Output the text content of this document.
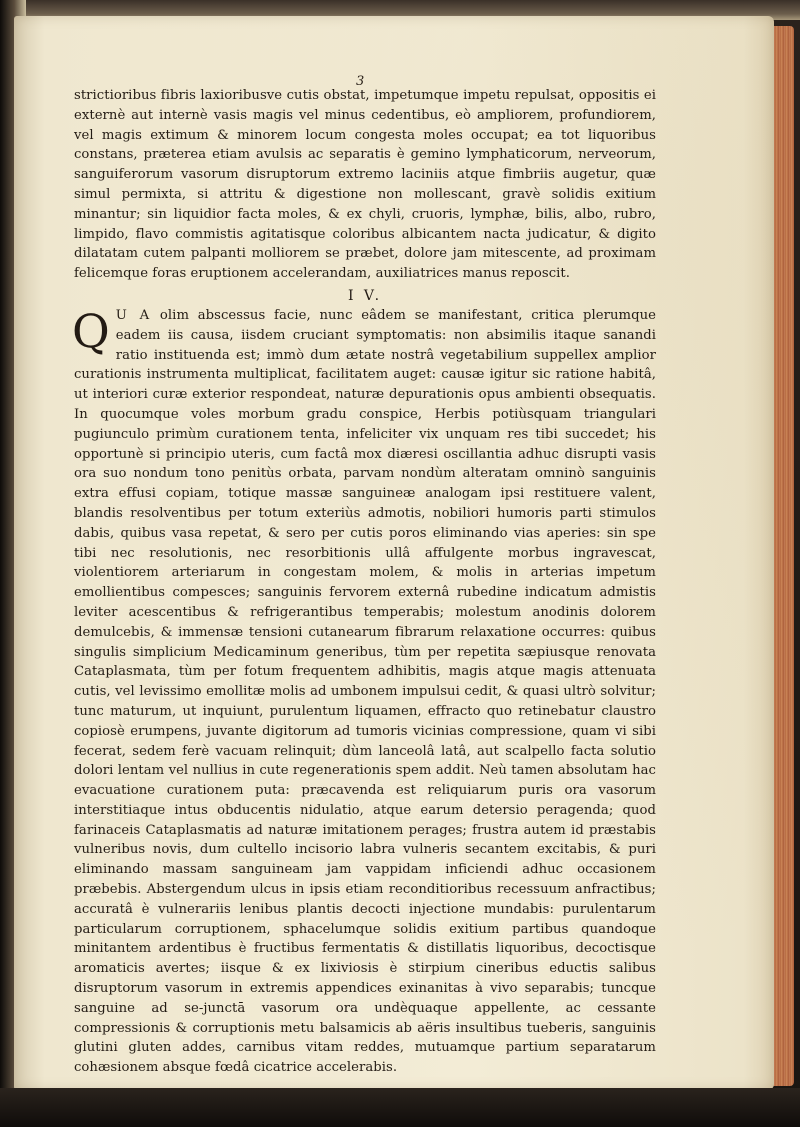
3

strictioribus fibris laxioribusve cutis obstat, impetumque impetu repulsat, oppositis ei externè aut internè vasis magis vel minus cedentibus, eò ampliorem, profundiorem, vel magis extimum & minorem locum congesta moles occupat; ea tot liquoribus constans, præterea etiam avulsis ac separatis è gemino lymphaticorum, nerveorum, sanguiferorum vasorum disruptorum extremo laciniis atque fimbriis augetur, quæ simul permixta, si attritu & digestione non mollescant, gravè solidis exitium minantur; sin liquidior facta moles, & ex chyli, cruoris, lymphæ, bilis, albo, rubro, limpido, flavo commistis agitatisque coloribus albicantem nacta judicatur, & digito dilatatam cutem palpanti molliorem se præbet, dolore jam mitescente, ad proximam felicemque foras eruptionem accelerandam, auxiliatrices manus reposcit.

I V.

Q U A olim abscessus facie, nunc eâdem se manifestant, critica plerumque eadem iis causa, iisdem cruciant symptomatis: non absimilis itaque sanandi ratio instituenda est; immò dum ætate nostrâ vegetabilium suppellex amplior curationis instrumenta multiplicat, facilitatem auget: causæ igitur sic ratione habitâ, ut interiori curæ exterior respondeat, naturæ depurationis opus ambienti obsequatis. In quocumque voles morbum gradu conspice, Herbis potiùsquam triangulari pugiunculo primùm curationem tenta, infeliciter vix unquam res tibi succedet; his opportunè si principio uteris, cum factâ mox diæresi oscillantia adhuc disrupti vasis ora suo nondum tono penitùs orbata, parvam nondùm alteratam omninò sanguinis extra effusi copiam, totique massæ sanguineæ analogam ipsi restituere valent, blandis resolventibus per totum exteriùs admotis, nobiliori humoris parti stimulos dabis, quibus vasa repetat, & sero per cutis poros eliminando vias aperies: sin spe tibi nec resolutionis, nec resorbitionis ullâ affulgente morbus ingravescat, violentiorem arteriarum in congestam molem, & molis in arterias impetum emollientibus compesces; sanguinis fervorem externâ rubedine indicatum admistis leviter acescentibus & refrigerantibus temperabis; molestum anodinis dolorem demulcebis, & immensæ tensioni cutanearum fibrarum relaxatione occurres: quibus singulis simplicium Medicaminum generibus, tùm per repetita sæpiusque renovata Cataplasmata, tùm per fotum frequentem adhibitis, magis atque magis attenuata cutis, vel levissimo emollitæ molis ad umbonem impulsui cedit, & quasi ultrò solvitur; tunc maturum, ut inquiunt, purulentum liquamen, effracto quo retinebatur claustro copiosè erumpens, juvante digitorum ad tumoris vicinias compressione, quam vi sibi fecerat, sedem ferè vacuam relinquit; dùm lanceolâ latâ, aut scalpello facta solutio dolori lentam vel nullius in cute regenerationis spem addit. Neù tamen absolutam hac evacuatione curationem puta: præcavenda est reliquiarum puris ora vasorum interstitiaque intus obducentis nidulatio, atque earum detersio peragenda; quod farinaceis Cataplasmatis ad naturæ imitationem perages; frustra autem id præstabis vulneribus novis, dum cultello incisorio labra vulneris secantem excitabis, & puri eliminando massam sanguineam jam vappidam inficiendi adhuc occasionem præbebis. Abstergendum ulcus in ipsis etiam reconditioribus recessuum anfractibus; accuratâ è vulnerariis lenibus plantis decocti injectione mundabis: purulentarum particularum corruptionem, sphacelumque solidis exitium partibus quandoque minitantem ardentibus è fructibus fermentatis & distillatis liquoribus, decoctisque aromaticis avertes; iisque & ex lixiviosis è stirpium cineribus eductis salibus disruptorum vasorum in extremis appendices exinanitas à vivo separabis; tuncque sanguine ad se-junctā vasorum ora undèquaque appellente, ac cessante compressionis & corruptionis metu balsamicis ab aëris insultibus tueberis, sanguinis glutini gluten addes, carnibus vitam reddes, mutuamque partium separatarum cohæsionem absque fœdâ cicatrice accelerabis.
